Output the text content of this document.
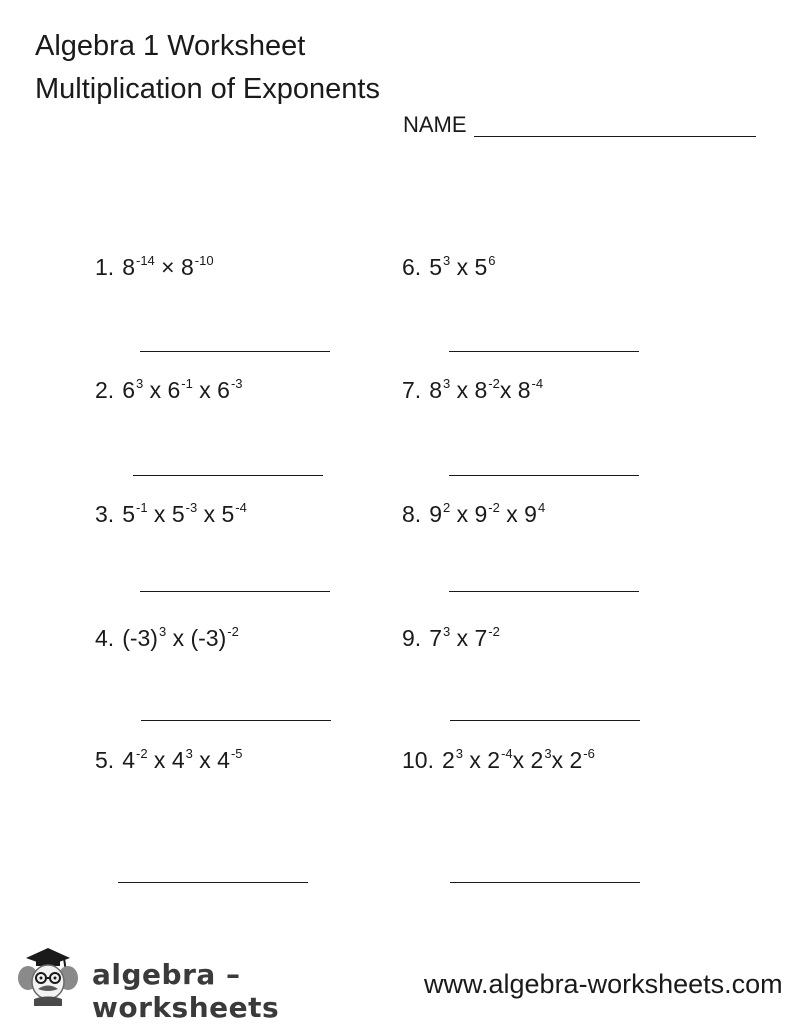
Algebra 1 Worksheet
Multiplication of Exponents
NAME
1. $8^{-14} \times 8^{-10}$
2. $6^3$ x $6^{-1}$ x $6^{-3}$
3. $5^{-1}$ x $5^{-3}$ x $5^{-4}$
4. $(-3)^3$ x $(-3)^{-2}$
5. $4^{-2}$ x $4^3$ x $4^{-5}$
6. $5^3$ x $5^6$
7. $8^3$ x $8^{-2}x$ $8^{-4}$
8. $9^2$ x $9^{-2}$ x $9^4$
9. $7^3$ x $7^{-2}$
10. $2^3$ x $2^{-4}x$ $2^3x$ $2^{-6}$
algebra – worksheets
www.algebra-worksheets.com
